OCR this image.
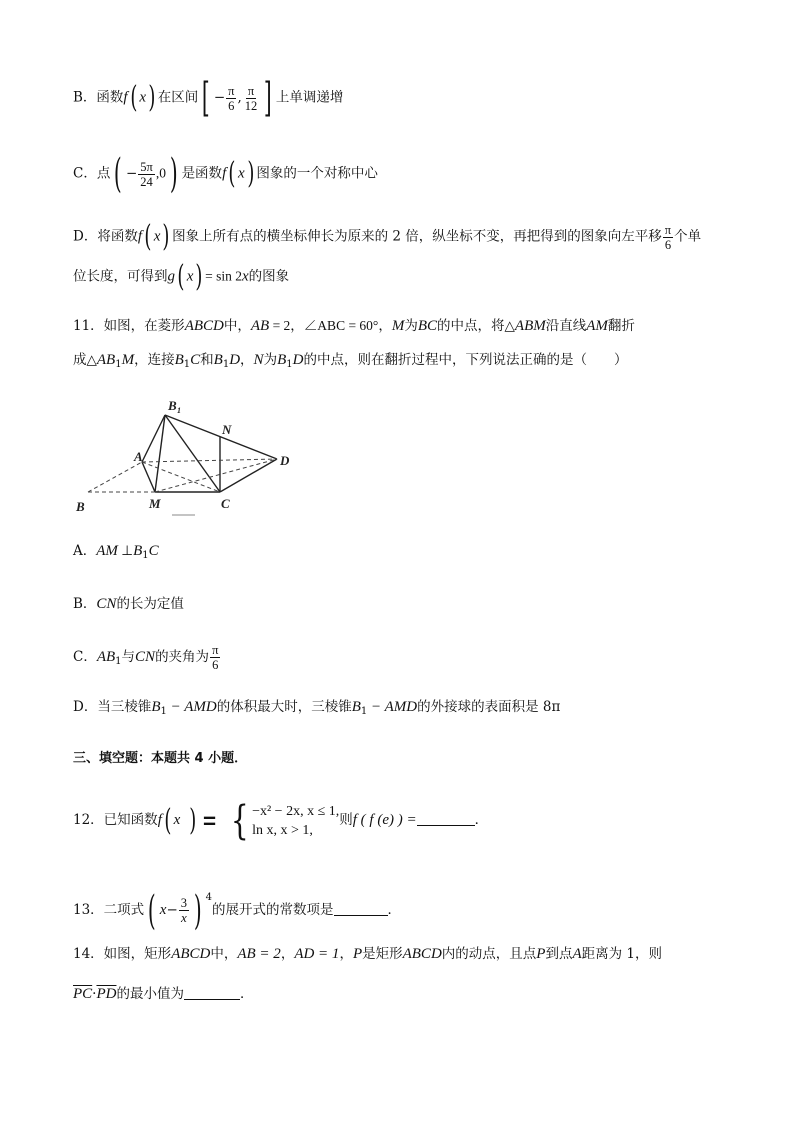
B．函数f( x) 在区间[ − $\frac{\pi}{6}$ , $\frac{\pi}{12}$ ] 上单调递增
C．点( − $\frac{5\pi}{24} ,0$) 是函数f( x) 图象的一个对称中心
D．将函数f( x) 图象上所有点的横坐标伸长为原来的 2 倍，纵坐标不变，再把得到的图象向左平移 $\frac{\pi}{6}$ 个单
位长度，可得到g( x) = sin 2x的图象
11．如图，在菱形ABCD中，AB = 2，∠ABC = 60°，M为BC的中点，将△ABM沿直线AM翻折
成$\triangle AB_1M$，连接$B_1C$和$B_1D$，N为$B_1D$的中点，则在翻折过程中，下列说法正确的是（　　）
B 1
A
N
D
B	M	C
A．AM $\perp B_1C$
B．CN的长为定值
C．$AB_1$与CN的夹角为 $\frac{\pi}{6}$
D．当三棱锥$B_1$ − AMD的体积最大时，三棱锥$B_1$ − AMD的外接球的表面积是 8π
三、填空题：本题共 4 小题．
12．已知函数f( x ) = { −x² − 2x, x ≤ 1,
ln x, x > 1,
则f ( f (e) ) =	．
13．二项式( $x- \frac{3}{x}$ ) $^4$的展开式的常数项是	．
14．如图，矩形ABCD中，AB = 2，AD = 1，P是矩形ABCD内的动点，且点P到点A距离为 1，则
$\overline{PC}\cdot\overline{PD}$的最小值为	．
